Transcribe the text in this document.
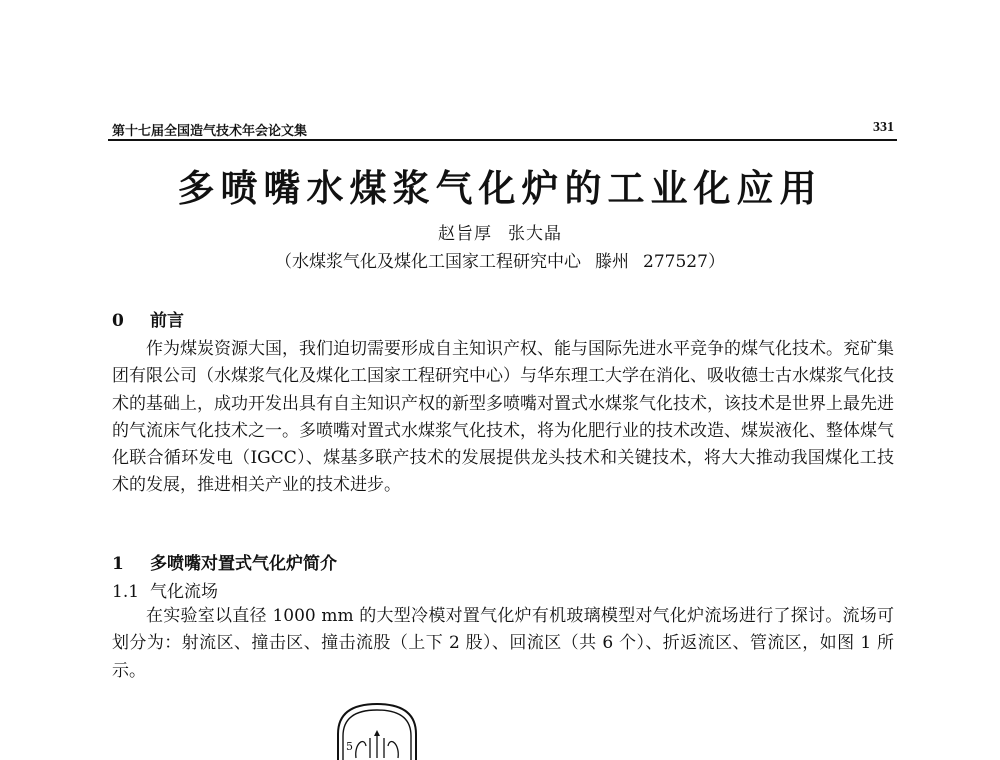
第十七届全国造气技术年会论文集	331
多喷嘴水煤浆气化炉的工业化应用
赵旨厚 张大晶
（水煤浆气化及煤化工国家工程研究中心 滕州 277527）
0 前言

作为煤炭资源大国，我们迫切需要形成自主知识产权、能与国际先进水平竞争的煤气化技术。兖矿集团有限公司（水煤浆气化及煤化工国家工程研究中心）与华东理工大学在消化、吸收德士古水煤浆气化技术的基础上，成功开发出具有自主知识产权的新型多喷嘴对置式水煤浆气化技术，该技术是世界上最先进的气流床气化技术之一。多喷嘴对置式水煤浆气化技术，将为化肥行业的技术改造、煤炭液化、整体煤气化联合循环发电（IGCC）、煤基多联产技术的发展提供龙头技术和关键技术，将大大推动我国煤化工技术的发展，推进相关产业的技术进步。

1 多喷嘴对置式气化炉简介
1.1 气化流场

在实验室以直径 1000 mm 的大型冷模对置气化炉有机玻璃模型对气化炉流场进行了探讨。流场可划分为：射流区、撞击区、撞击流股（上下 2 股）、回流区（共 6 个）、折返流区、管流区，如图 1 所示。

5
